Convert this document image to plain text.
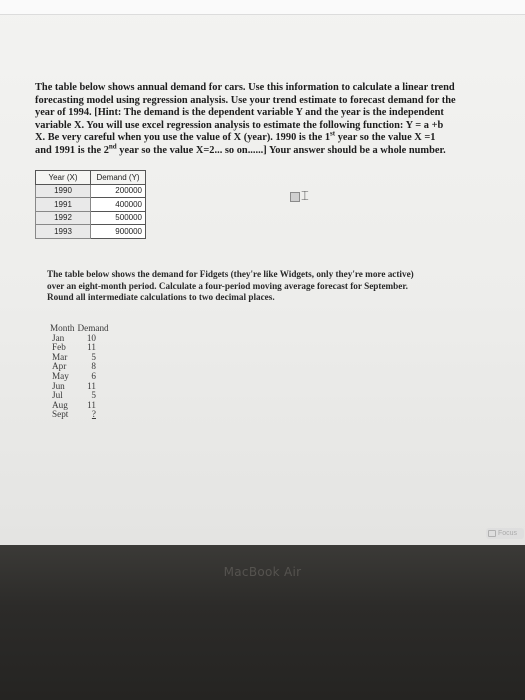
The table below shows annual demand for cars. Use this information to calculate a linear trend

forecasting model using regression analysis. Use your trend estimate to forecast demand for the

year of 1994. [Hint: The demand is the dependent variable Y and the year is the independent

variable X. You will use excel regression analysis to estimate the following function: Y = a +b

X. Be very careful when you use the value of X (year). 1990 is the 1st year so the value X =1

and 1991 is the 2nd year so the value X=2... so on......] Your answer should be a whole number.

Year (X)	Demand (Y)
1990	200000
1991	400000
1992	500000
1993	900000
⌶

The table below shows the demand for Fidgets (they're like Widgets, only they're more active)

over an eight-month period. Calculate a four-period moving average forecast for September.

Round all intermediate calculations to two decimal places.

Month Demand
Jan	10
Feb	11
Mar	5
Apr	8
May	6
Jun	11
Jul	5
Aug	11
Sept	?
Focus
MacBook Air
